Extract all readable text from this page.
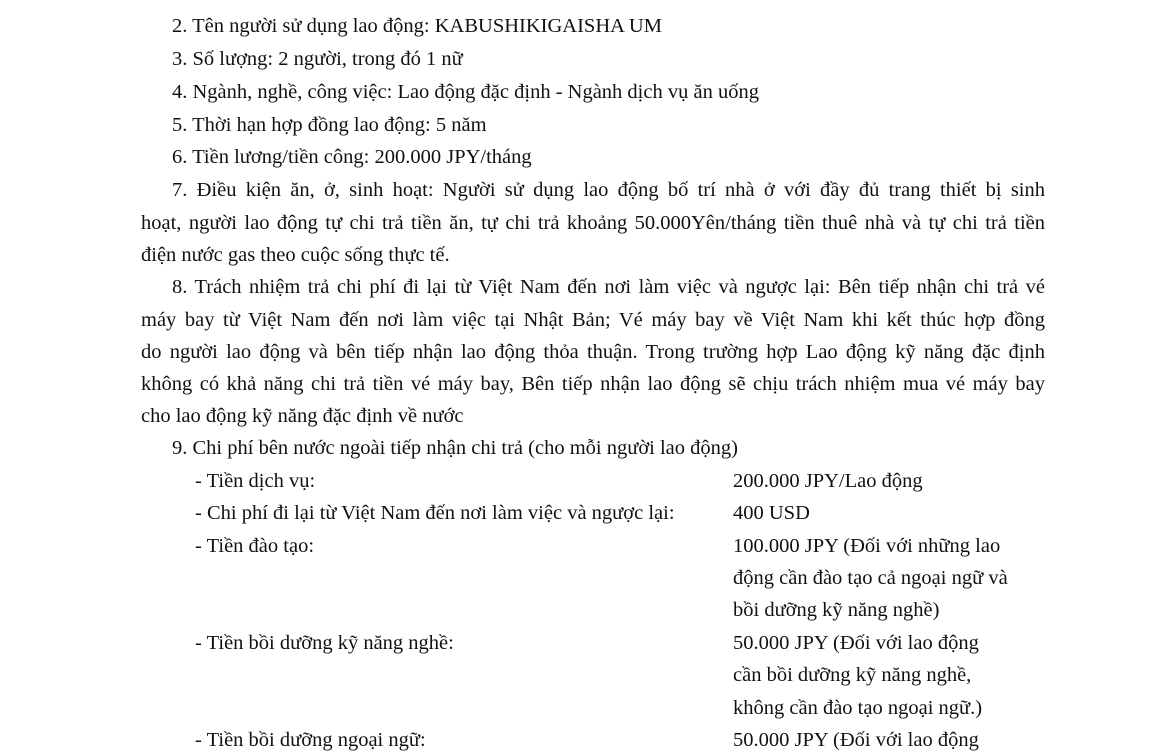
2. Tên người sử dụng lao động: KABUSHIKIGAISHA UM
3. Số lượng: 2 người, trong đó 1 nữ
4. Ngành, nghề, công việc: Lao động đặc định - Ngành dịch vụ ăn uống
5. Thời hạn hợp đồng lao động: 5 năm
6. Tiền lương/tiền công: 200.000 JPY/tháng
7. Điều kiện ăn, ở, sinh hoạt: Người sử dụng lao động bố trí nhà ở với đầy đủ trang thiết bị sinh
hoạt, người lao động tự chi trả tiền ăn, tự chi trả khoảng 50.000Yên/tháng tiền thuê nhà và tự chi trả tiền
điện nước gas theo cuộc sống thực tế.
8. Trách nhiệm trả chi phí đi lại từ Việt Nam đến nơi làm việc và ngược lại: Bên tiếp nhận chi trả vé
máy bay từ Việt Nam đến nơi làm việc tại Nhật Bản; Vé máy bay về Việt Nam khi kết thúc hợp đồng
do người lao động và bên tiếp nhận lao động thỏa thuận. Trong trường hợp Lao động kỹ năng đặc định
không có khả năng chi trả tiền vé máy bay, Bên tiếp nhận lao động sẽ chịu trách nhiệm mua vé máy bay
cho lao động kỹ năng đặc định về nước
9. Chi phí bên nước ngoài tiếp nhận chi trả (cho mỗi người lao động)
- Tiền dịch vụ:	200.000 JPY/Lao động
- Chi phí đi lại từ Việt Nam đến nơi làm việc và ngược lại:	400 USD
- Tiền đào tạo:	100.000 JPY (Đối với những lao
động cần đào tạo cả ngoại ngữ và
bồi dưỡng kỹ năng nghề)
- Tiền bồi dưỡng kỹ năng nghề:	50.000 JPY (Đối với lao động
cần bồi dưỡng kỹ năng nghề,
không cần đào tạo ngoại ngữ.)
- Tiền bồi dưỡng ngoại ngữ:	50.000 JPY (Đối với lao động
